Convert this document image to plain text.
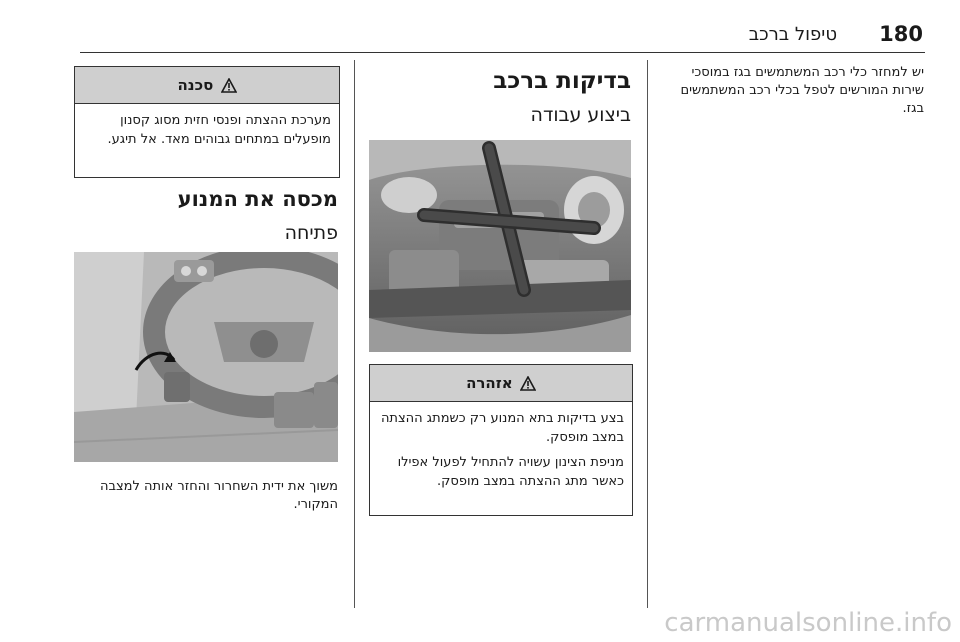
180
טיפול ברכב

יש למחזר כלי רכב המשתמשים בגז במוסכי שירות המורשים לטפל בכלי רכב המשתמשים בגז.

בדיקות ברכב
ביצוע עבודה
אזהרה

בצע בדיקות בתא המנוע רק כשמתג ההצתה במצב מופסק.

מניפת הצינון עשויה להתחיל לפעול אפילו כאשר מתג ההצתה במצב מופסק.

סכנה

מערכת ההצתה ופנסי חזית מסוג קסנון מופעלים במתחים גבוהים מאד. אל תיגע.

מכסה את המנוע
פתיחה

משוך את ידית השחרור והחזר אותה למצבה המקורי.

carmanualsonline.info
